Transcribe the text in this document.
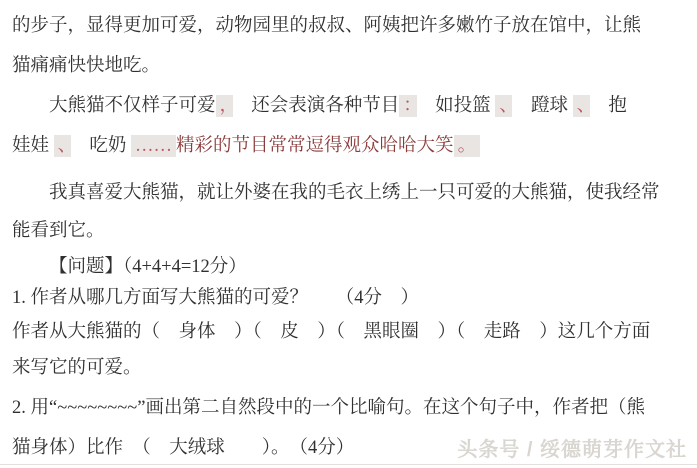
的步子，显得更加可爱，动物园里的叔叔、阿姨把许多嫩竹子放在馆中，让熊
猫痛痛快快地吃。

大熊猫不仅样子可爱 ，　还会表演各种节目 ：　如投篮 、　蹬球 、　抱
娃娃 、　吃奶 …… 精彩的节目常常逗得观众哈哈大笑 。

我真喜爱大熊猫，就让外婆在我的毛衣上绣上一只可爱的大熊猫，使我经常
能看到它。

【问题】（4+4+4=12分）

1. 作者从哪几方面写大熊猫的可爱？　　（4分　）

作者从大熊猫的（　身体　）（　皮　）（　黑眼圈　）（　走路　）这几个方面
来写它的可爱。

2. 用“~~~~~~~~”画出第二自然段中的一个比喻句。在这个句子中，作者把（熊
猫身体）比作　（　大绒球　　）。　（4分）	头条号 / 绥德萌芽作文社
